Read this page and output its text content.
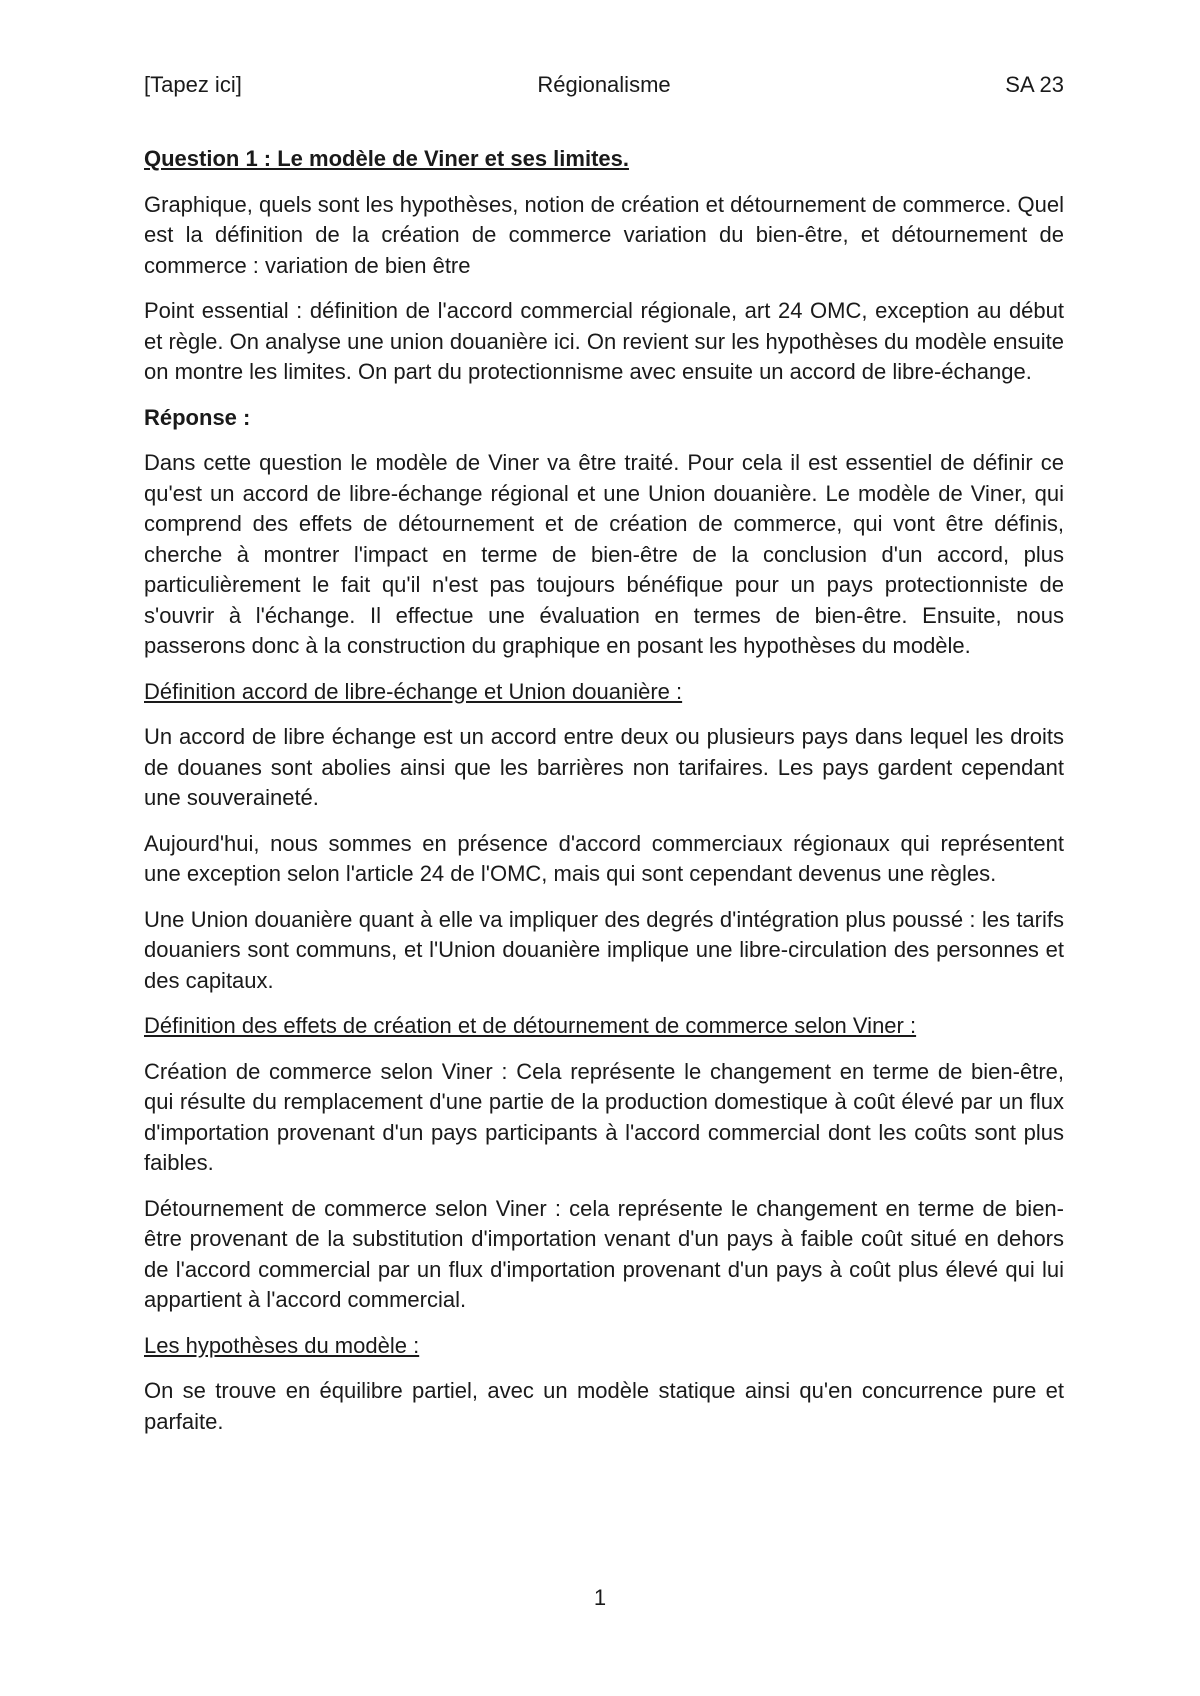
[Tapez ici]	Régionalisme	SA 23

Question 1 : Le modèle de Viner et ses limites.

Graphique, quels sont les hypothèses, notion de création et détournement de commerce. Quel est la définition de la création de commerce variation du bien-être, et détournement de commerce : variation de bien être

Point essential : définition de l'accord commercial régionale, art 24 OMC, exception au début et règle. On analyse une union douanière ici. On revient sur les hypothèses du modèle ensuite on montre les limites. On part du protectionnisme avec ensuite un accord de libre-échange.

Réponse :

Dans cette question le modèle de Viner va être traité. Pour cela il est essentiel de définir ce qu'est un accord de libre-échange régional et une Union douanière. Le modèle de Viner, qui comprend des effets de détournement et de création de commerce, qui vont être définis, cherche à montrer l'impact en terme de bien-être de la conclusion d'un accord, plus particulièrement le fait qu'il n'est pas toujours bénéfique pour un pays protectionniste de s'ouvrir à l'échange. Il effectue une évaluation en termes de bien-être. Ensuite, nous passerons donc à la construction du graphique en posant les hypothèses du modèle.

Définition accord de libre-échange et Union douanière :

Un accord de libre échange est un accord entre deux ou plusieurs pays dans lequel les droits de douanes sont abolies ainsi que les barrières non tarifaires. Les pays gardent cependant une souveraineté.

Aujourd'hui, nous sommes en présence d'accord commerciaux régionaux qui représentent une exception selon l'article 24 de l'OMC, mais qui sont cependant devenus une règles.

Une Union douanière quant à elle va impliquer des degrés d'intégration plus poussé : les tarifs douaniers sont communs, et l'Union douanière implique une libre-circulation des personnes et des capitaux.

Définition des effets de création et de détournement de commerce selon Viner :

Création de commerce selon Viner : Cela représente le changement en terme de bien-être, qui résulte du remplacement d'une partie de la production domestique à coût élevé par un flux d'importation provenant d'un pays participants à l'accord commercial dont les coûts sont plus faibles.

Détournement de commerce selon Viner : cela représente le changement en terme de bien-être provenant de la substitution d'importation venant d'un pays à faible coût situé en dehors de l'accord commercial par un flux d'importation provenant d'un pays à coût plus élevé qui lui appartient à l'accord commercial.

Les hypothèses du modèle :

On se trouve en équilibre partiel, avec un modèle statique ainsi qu'en concurrence pure et parfaite.

1
